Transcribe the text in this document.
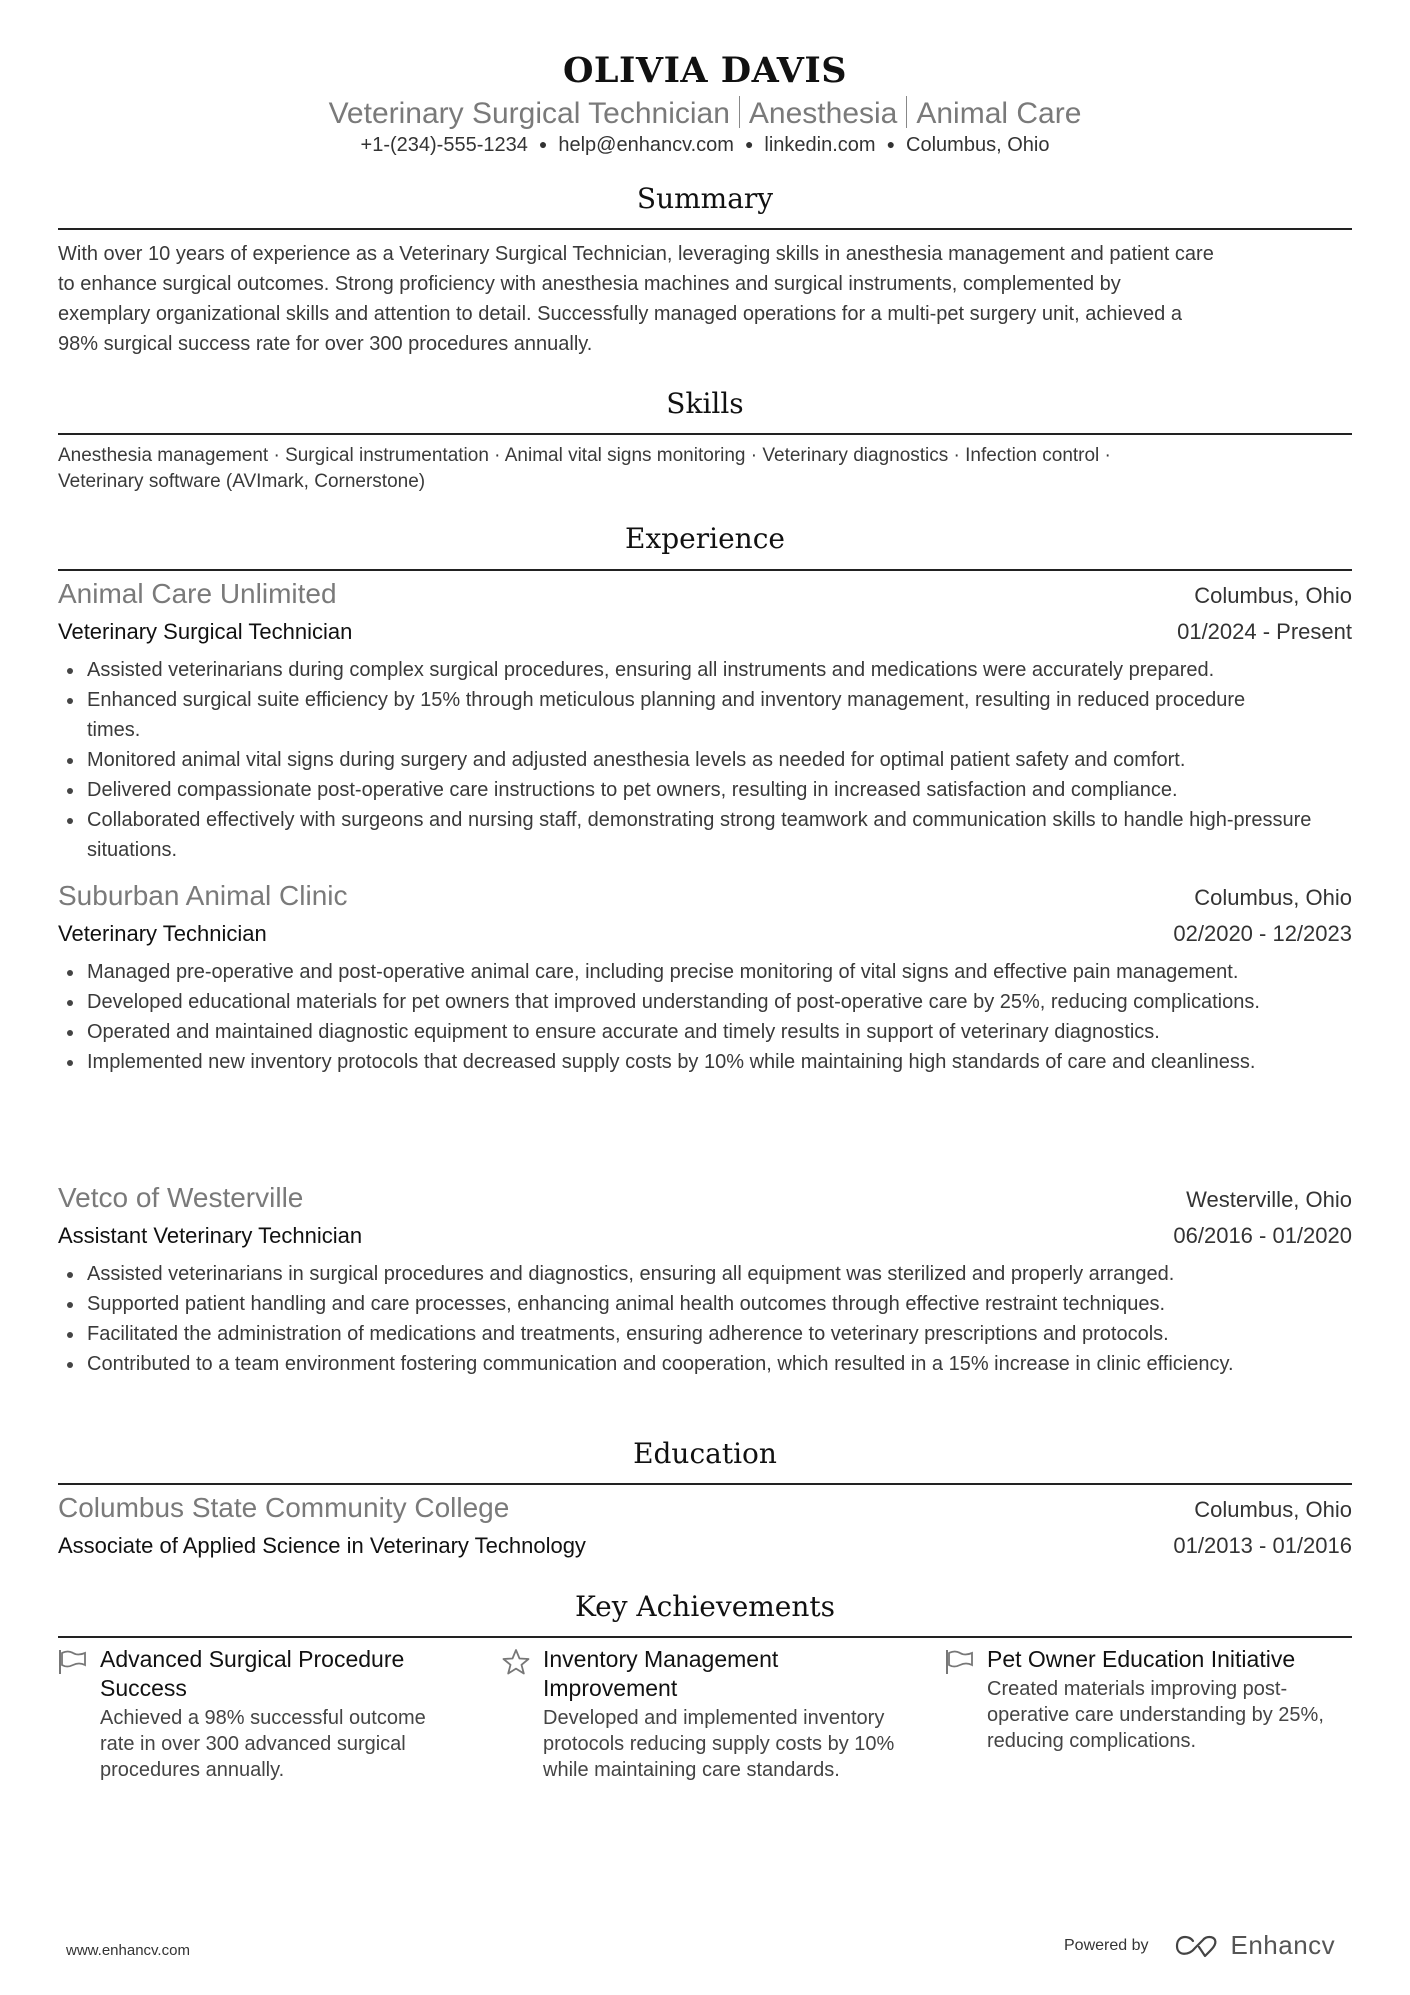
OLIVIA DAVIS
Veterinary Surgical Technician Anesthesia Animal Care
+1-(234)-555-1234 ● help@enhancv.com ● linkedin.com ● Columbus, Ohio
Summary
With over 10 years of experience as a Veterinary Surgical Technician, leveraging skills in anesthesia management and patient care
to enhance surgical outcomes. Strong proficiency with anesthesia machines and surgical instruments, complemented by
exemplary organizational skills and attention to detail. Successfully managed operations for a multi-pet surgery unit, achieved a
98% surgical success rate for over 300 procedures annually.
Skills
Anesthesia management · Surgical instrumentation · Animal vital signs monitoring · Veterinary diagnostics · Infection control ·
Veterinary software (AVImark, Cornerstone)
Experience
Animal Care Unlimited	Columbus, Ohio
Veterinary Surgical Technician	01/2024 - Present
Assisted veterinarians during complex surgical procedures, ensuring all instruments and medications were accurately prepared.
Enhanced surgical suite efficiency by 15% through meticulous planning and inventory management, resulting in reduced procedure times.
Monitored animal vital signs during surgery and adjusted anesthesia levels as needed for optimal patient safety and comfort.
Delivered compassionate post-operative care instructions to pet owners, resulting in increased satisfaction and compliance.
Collaborated effectively with surgeons and nursing staff, demonstrating strong teamwork and communication skills to handle high-pressure situations.
Suburban Animal Clinic	Columbus, Ohio
Veterinary Technician	02/2020 - 12/2023
Managed pre-operative and post-operative animal care, including precise monitoring of vital signs and effective pain management.
Developed educational materials for pet owners that improved understanding of post-operative care by 25%, reducing complications.
Operated and maintained diagnostic equipment to ensure accurate and timely results in support of veterinary diagnostics.
Implemented new inventory protocols that decreased supply costs by 10% while maintaining high standards of care and cleanliness.
Vetco of Westerville	Westerville, Ohio
Assistant Veterinary Technician	06/2016 - 01/2020
Assisted veterinarians in surgical procedures and diagnostics, ensuring all equipment was sterilized and properly arranged.
Supported patient handling and care processes, enhancing animal health outcomes through effective restraint techniques.
Facilitated the administration of medications and treatments, ensuring adherence to veterinary prescriptions and protocols.
Contributed to a team environment fostering communication and cooperation, which resulted in a 15% increase in clinic efficiency.
Education
Columbus State Community College	Columbus, Ohio
Associate of Applied Science in Veterinary Technology	01/2013 - 01/2016
Key Achievements
Advanced Surgical Procedure Success
Achieved a 98% successful outcome rate in over 300 advanced surgical procedures annually.
Inventory Management Improvement
Developed and implemented inventory protocols reducing supply costs by 10% while maintaining care standards.
Pet Owner Education Initiative
Created materials improving post-operative care understanding by 25%, reducing complications.
www.enhancv.com	Powered by	Enhancv
